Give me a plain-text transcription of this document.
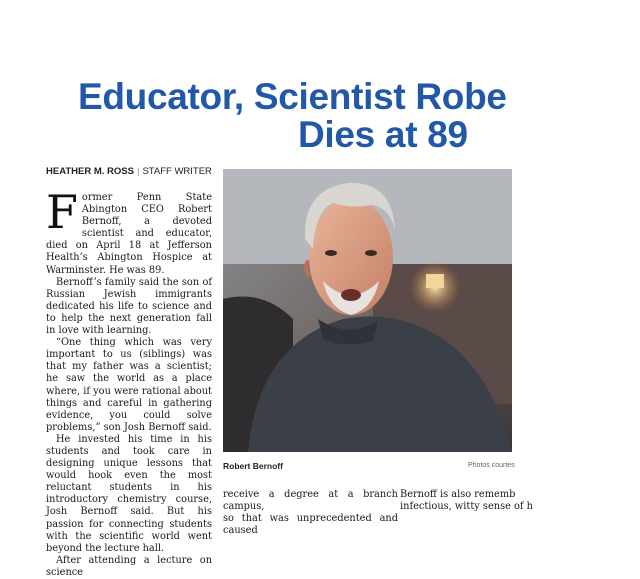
Educator, Scientist Robe
Dies at 89
HEATHER M. ROSS | STAFF WRITER

Former Penn State Abington CEO Robert Bernoff, a devoted scientist and educator, died on April 18 at Jefferson Health’s Abington Hospice at Warminster. He was 89.

Bernoff’s family said the son of Russian Jewish immigrants dedicated his life to science and to help the next generation fall in love with learning.

“One thing which was very important to us (siblings) was that my father was a scientist; he saw the world as a place where, if you were rational about things and careful in gathering evidence, you could solve problems,” son Josh Bernoff said.

He invested his time in his students and took care in designing unique lessons that would hook even the most reluctant students in his introductory chemistry course, Josh Bernoff said. But his passion for connecting students with the scientific world went beyond the lecture hall.

After attending a lecture on science

Robert Bernoff	Photos courtes

receive a degree at a branch campus,

so that was unprecedented and caused

Bernoff is also rememb

infectious, witty sense of h
